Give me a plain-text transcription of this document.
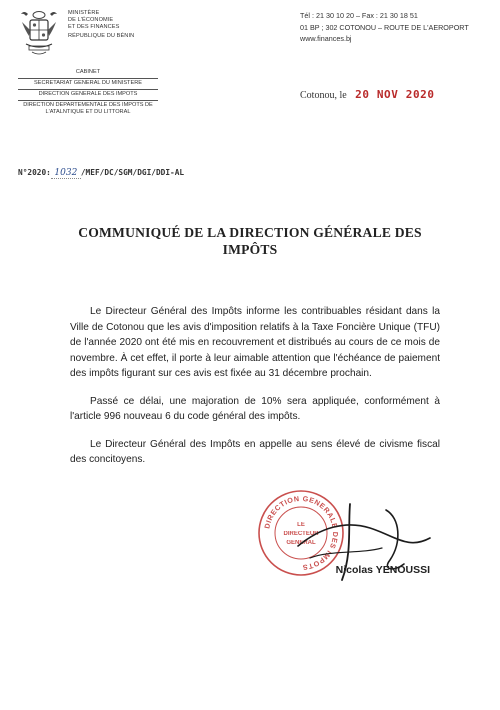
MINISTÈRE
DE L'ÉCONOMIE
ET DES FINANCES
RÉPUBLIQUE DU BÉNIN
Tél : 21 30 10 20 – Fax : 21 30 18 51
01 BP ; 302 COTONOU – ROUTE DE L'AEROPORT
www.finances.bj
CABINET
SECRETARIAT GENERAL DU MINISTERE
DIRECTION GENERALE DES IMPOTS
DIRECTION DEPARTEMENTALE DES IMPOTS DE L'ATALNTIQUE ET DU LITTORAL
Cotonou, le 20 NOV 2020
N°2020: 1032 /MEF/DC/SGM/DGI/DDI-AL
COMMUNIQUÉ DE LA DIRECTION GÉNÉRALE DES
IMPÔTS

Le Directeur Général des Impôts informe les contribuables résidant dans la Ville de Cotonou que les avis d'imposition relatifs à la Taxe Foncière Unique (TFU) de l'année 2020 ont été mis en recouvrement et distribués au cours de ce mois de novembre. À cet effet, il porte à leur aimable attention que l'échéance de paiement des impôts figurant sur ces avis est fixée au 31 décembre prochain.

Passé ce délai, une majoration de 10% sera appliquée, conformément à l'article 996 nouveau 6 du code général des impôts.

Le Directeur Général des Impôts en appelle au sens élevé de civisme fiscal des concitoyens.

DIRECTION GENERALE DES IMPOTS
LE
DIRECTEUR
GENERAL
Nicolas YENOUSSI
